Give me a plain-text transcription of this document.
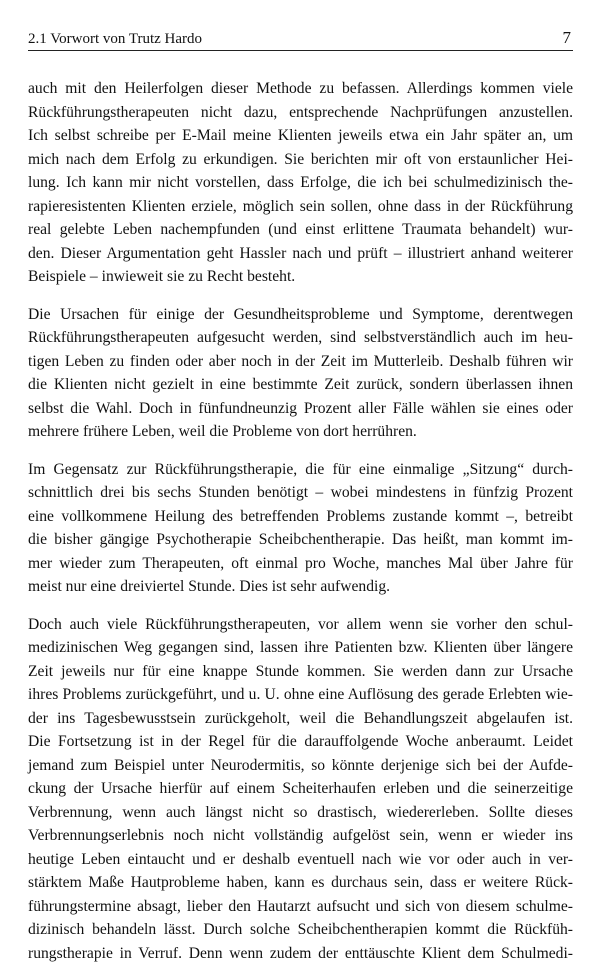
2.1 Vorwort von Trutz Hardo	7
auch mit den Heilerfolgen dieser Methode zu befassen. Allerdings kommen viele
Rückführungstherapeuten nicht dazu, entsprechende Nachprüfungen anzustellen.
Ich selbst schreibe per E-Mail meine Klienten jeweils etwa ein Jahr später an, um
mich nach dem Erfolg zu erkundigen. Sie berichten mir oft von erstaunlicher Hei-
lung. Ich kann mir nicht vorstellen, dass Erfolge, die ich bei schulmedizinisch the-
rapieresistenten Klienten erziele, möglich sein sollen, ohne dass in der Rückführung
real gelebte Leben nachempfunden (und einst erlittene Traumata behandelt) wur-
den. Dieser Argumentation geht Hassler nach und prüft – illustriert anhand weiterer
Beispiele – inwieweit sie zu Recht besteht.
Die Ursachen für einige der Gesundheitsprobleme und Symptome, derentwegen
Rückführungstherapeuten aufgesucht werden, sind selbstverständlich auch im heu-
tigen Leben zu finden oder aber noch in der Zeit im Mutterleib. Deshalb führen wir
die Klienten nicht gezielt in eine bestimmte Zeit zurück, sondern überlassen ihnen
selbst die Wahl. Doch in fünfundneunzig Prozent aller Fälle wählen sie eines oder
mehrere frühere Leben, weil die Probleme von dort herrühren.
Im Gegensatz zur Rückführungstherapie, die für eine einmalige „Sitzung“ durch-
schnittlich drei bis sechs Stunden benötigt – wobei mindestens in fünfzig Prozent
eine vollkommene Heilung des betreffenden Problems zustande kommt –, betreibt
die bisher gängige Psychotherapie Scheibchentherapie. Das heißt, man kommt im-
mer wieder zum Therapeuten, oft einmal pro Woche, manches Mal über Jahre für
meist nur eine dreiviertel Stunde. Dies ist sehr aufwendig.
Doch auch viele Rückführungstherapeuten, vor allem wenn sie vorher den schul-
medizinischen Weg gegangen sind, lassen ihre Patienten bzw. Klienten über längere
Zeit jeweils nur für eine knappe Stunde kommen. Sie werden dann zur Ursache
ihres Problems zurückgeführt, und u. U. ohne eine Auflösung des gerade Erlebten wie-
der ins Tagesbewusstsein zurückgeholt, weil die Behandlungszeit abgelaufen ist.
Die Fortsetzung ist in der Regel für die darauffolgende Woche anberaumt. Leidet
jemand zum Beispiel unter Neurodermitis, so könnte derjenige sich bei der Aufde-
ckung der Ursache hierfür auf einem Scheiterhaufen erleben und die seinerzeitige
Verbrennung, wenn auch längst nicht so drastisch, wiedererleben. Sollte dieses
Verbrennungserlebnis noch nicht vollständig aufgelöst sein, wenn er wieder ins
heutige Leben eintaucht und er deshalb eventuell nach wie vor oder auch in ver-
stärktem Maße Hautprobleme haben, kann es durchaus sein, dass er weitere Rück-
führungstermine absagt, lieber den Hautarzt aufsucht und sich von diesem schulme-
dizinisch behandeln lässt. Durch solche Scheibchentherapien kommt die Rückfüh-
rungstherapie in Verruf. Denn wenn zudem der enttäuschte Klient dem Schulmedi-
